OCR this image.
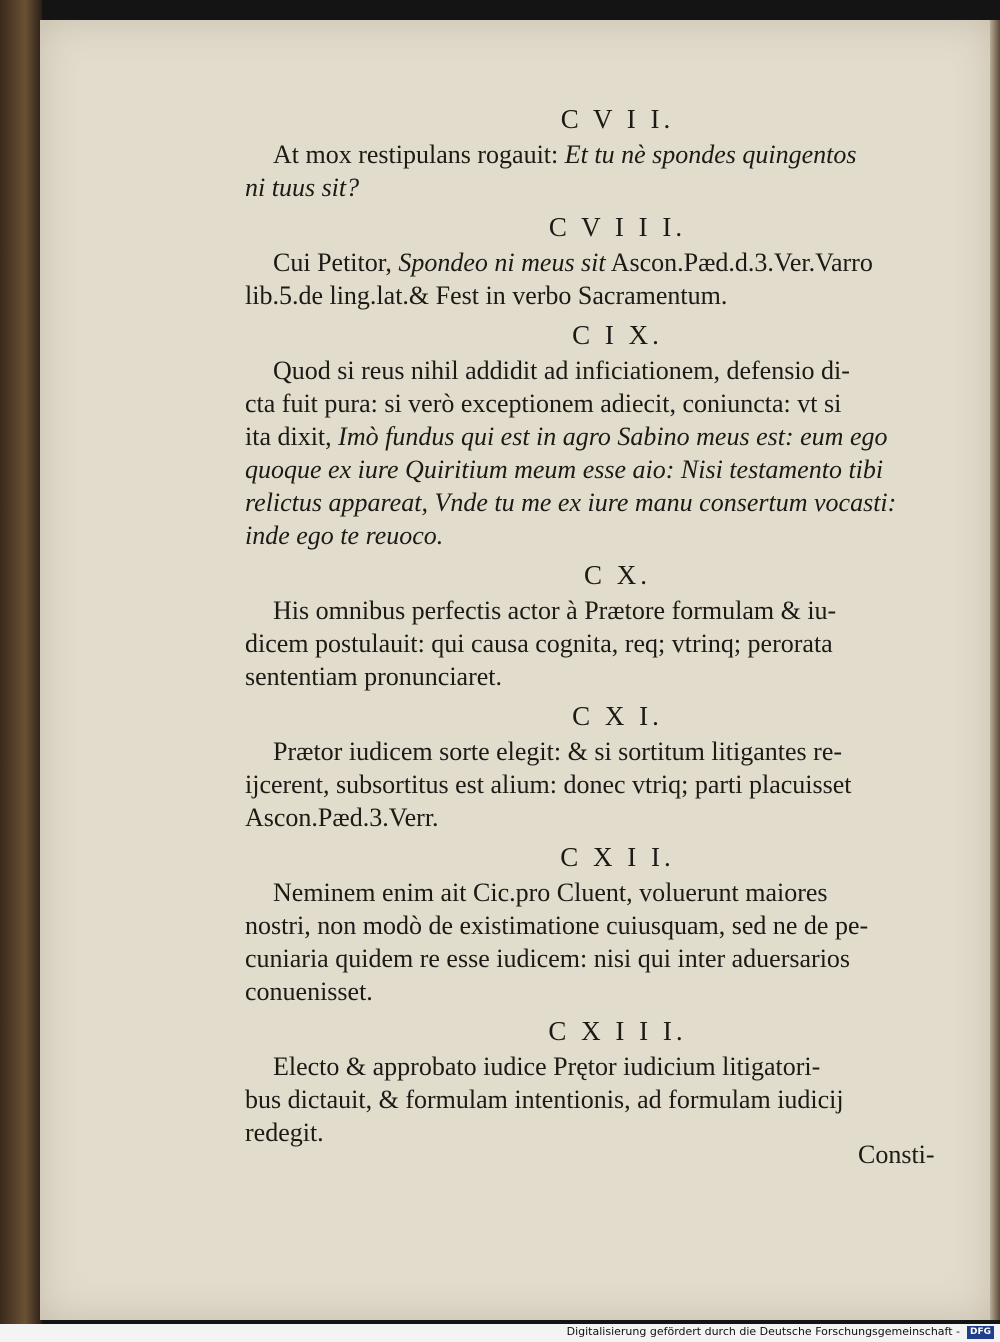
C V I I.
At mox restipulans rogauit: Et tu nè spondes quingentos
ni tuus sit?
C V I I I.
Cui Petitor, Spondeo ni meus sit Ascon.Pæd.d.3.Ver.Varro
lib.5.de ling.lat.& Fest in verbo Sacramentum.
C I X.
Quod si reus nihil addidit ad inficiationem, defensio di-
cta fuit pura: si verò exceptionem adiecit, coniuncta: vt si
ita dixit, Imò fundus qui est in agro Sabino meus est: eum ego
quoque ex iure Quiritium meum esse aio: Nisi testamento tibi
relictus appareat, Vnde tu me ex iure manu consertum vocasti:
inde ego te reuoco.
C X.
His omnibus perfectis actor à Prætore formulam & iu-
dicem postulauit: qui causa cognita, req; vtrinq; perorata
sententiam pronunciaret.
C X I.
Prætor iudicem sorte elegit: & si sortitum litigantes re-
ijcerent, subsortitus est alium: donec vtriq; parti placuisset
Ascon.Pæd.3.Verr.
C X I I.
Neminem enim ait Cic.pro Cluent, voluerunt maiores
nostri, non modò de existimatione cuiusquam, sed ne de pe-
cuniaria quidem re esse iudicem: nisi qui inter aduersarios
conuenisset.
C X I I I.
Electo & approbato iudice Prętor iudicium litigatori-
bus dictauit, & formulam intentionis, ad formulam iudicij
redegit.
Consti-
Digitalisierung gefördert durch die Deutsche Forschungsgemeinschaft -	DFG
